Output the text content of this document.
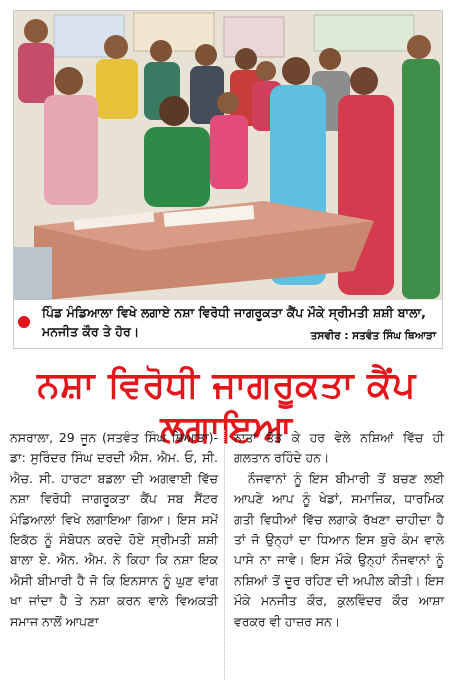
ਪਿੰਡ ਮੰਡਿਆਲਾ ਵਿਖੇ ਲਗਾਏ ਨਸ਼ਾ ਵਿਰੋਧੀ ਜਾਗਰੂਕਤਾ ਕੈਂਪ ਮੌਕੇ ਸ੍ਰੀਮਤੀ ਸ਼ਸ਼ੀ ਬਾਲਾ, ਮਨਜੀਤ ਕੌਰ ਤੇ ਹੋਰ।	ਤਸਵੀਰ : ਸਤਵੰਤ ਸਿੰਘ ਥਿਆੜਾ
ਨਸ਼ਾ ਵਿਰੋਧੀ ਜਾਗਰੂਕਤਾ ਕੈਂਪ ਲਗਾਇਆ

ਨਸਰਾਲਾ, 29 ਜੂਨ (ਸਤਵੰਤ ਸਿੰਘ ਥਿਆੜਾ)-ਡਾ: ਸੁਰਿੰਦਰ ਸਿੰਘ ਦਰਦੀ ਐਸ. ਐਮ. ਓ, ਸੀ. ਐਚ. ਸੀ. ਹਾਰਟਾ ਬਡਲਾ ਦੀ ਅਗਵਾਈ ਵਿੱਚ ਨਸ਼ਾ ਵਿਰੋਧੀ ਜਾਗਰੂਕਤਾ ਕੈਂਪ ਸਬ ਸੈਂਟਰ ਮੰਡਿਆਲਾਂ ਵਿਖੇ ਲਗਾਇਆ ਗਿਆ। ਇਸ ਸਮੇਂ ਇਕੱਠ ਨੂੰ ਸੰਬੋਧਨ ਕਰਦੇ ਹੋਏ ਸ੍ਰੀਮਤੀ ਸ਼ਸ਼ੀ ਬਾਲਾ ਏ. ਐਨ. ਐਮ. ਨੇ ਕਿਹਾ ਕਿ ਨਸ਼ਾ ਇਕ ਐਸੀ ਬੀਮਾਰੀ ਹੈ ਜੋ ਕਿ ਇਨਸਾਨ ਨੂੰ ਘੁਣ ਵਾਂਗ ਖਾ ਜਾਂਦਾ ਹੈ ਤੇ ਨਸ਼ਾ ਕਰਨ ਵਾਲੇ ਵਿਅਕਤੀ ਸਮਾਜ ਨਾਲੋਂ ਆਪਣਾ

ਨਾਤਾ ਤੋੜ ਕੇ ਹਰ ਵੇਲੇ ਨਸ਼ਿਆਂ ਵਿੱਚ ਹੀ ਗਲਤਾਨ ਰਹਿੰਦੇ ਹਨ।

ਨੌਜਵਾਨਾਂ ਨੂੰ ਇਸ ਬੀਮਾਰੀ ਤੋਂ ਬਚਣ ਲਈ ਆਪਣੇ ਆਪ ਨੂੰ ਖੇਡਾਂ, ਸਮਾਜਿਕ, ਧਾਰਮਿਕ ਗਤੀ ਵਿਧੀਆਂ ਵਿੱਚ ਲਗਾਕੇ ਰੱਖਣਾ ਚਾਹੀਦਾ ਹੈ ਤਾਂ ਜੋ ਉਨ੍ਹਾਂ ਦਾ ਧਿਆਨ ਇਸ ਬੁਰੇ ਕੰਮ ਵਾਲੇ ਪਾਸੇ ਨਾ ਜਾਵੇ। ਇਸ ਮੌਕੇ ਉਨ੍ਹਾਂ ਨੌਜਵਾਨਾਂ ਨੂੰ ਨਸ਼ਿਆਂ ਤੋਂ ਦੂਰ ਰਹਿਣ ਦੀ ਅਪੀਲ ਕੀਤੀ। ਇਸ ਮੌਕੇ ਮਨਜੀਤ ਕੌਰ, ਕੁਲਵਿੰਦਰ ਕੌਰ ਆਸ਼ਾ ਵਰਕਰ ਵੀ ਹਾਜ਼ਰ ਸਨ।
